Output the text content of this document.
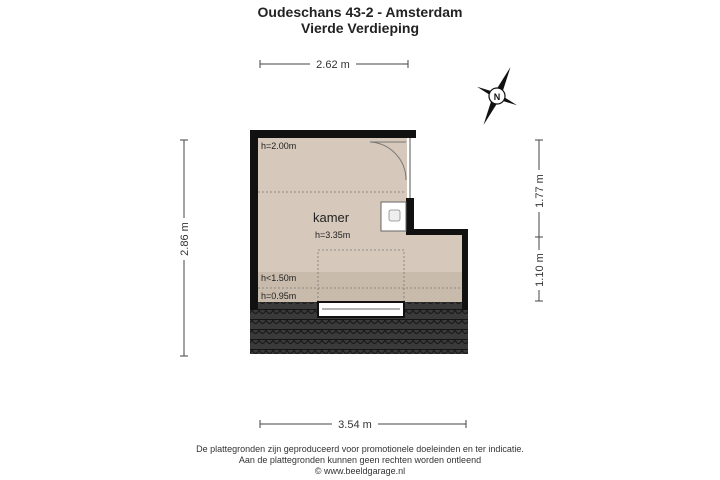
Oudeschans 43-2 - Amsterdam
Vierde Verdieping
2.62 m
2.86 m
1.77 m
1.10 m
3.54 m
kamer
h=3.35m
h=2.00m
h<1.50m
h=0.95m
N
De plattegronden zijn geproduceerd voor promotionele doeleinden en ter indicatie.
Aan de plattegronden kunnen geen rechten worden ontleend
© www.beeldgarage.nl
